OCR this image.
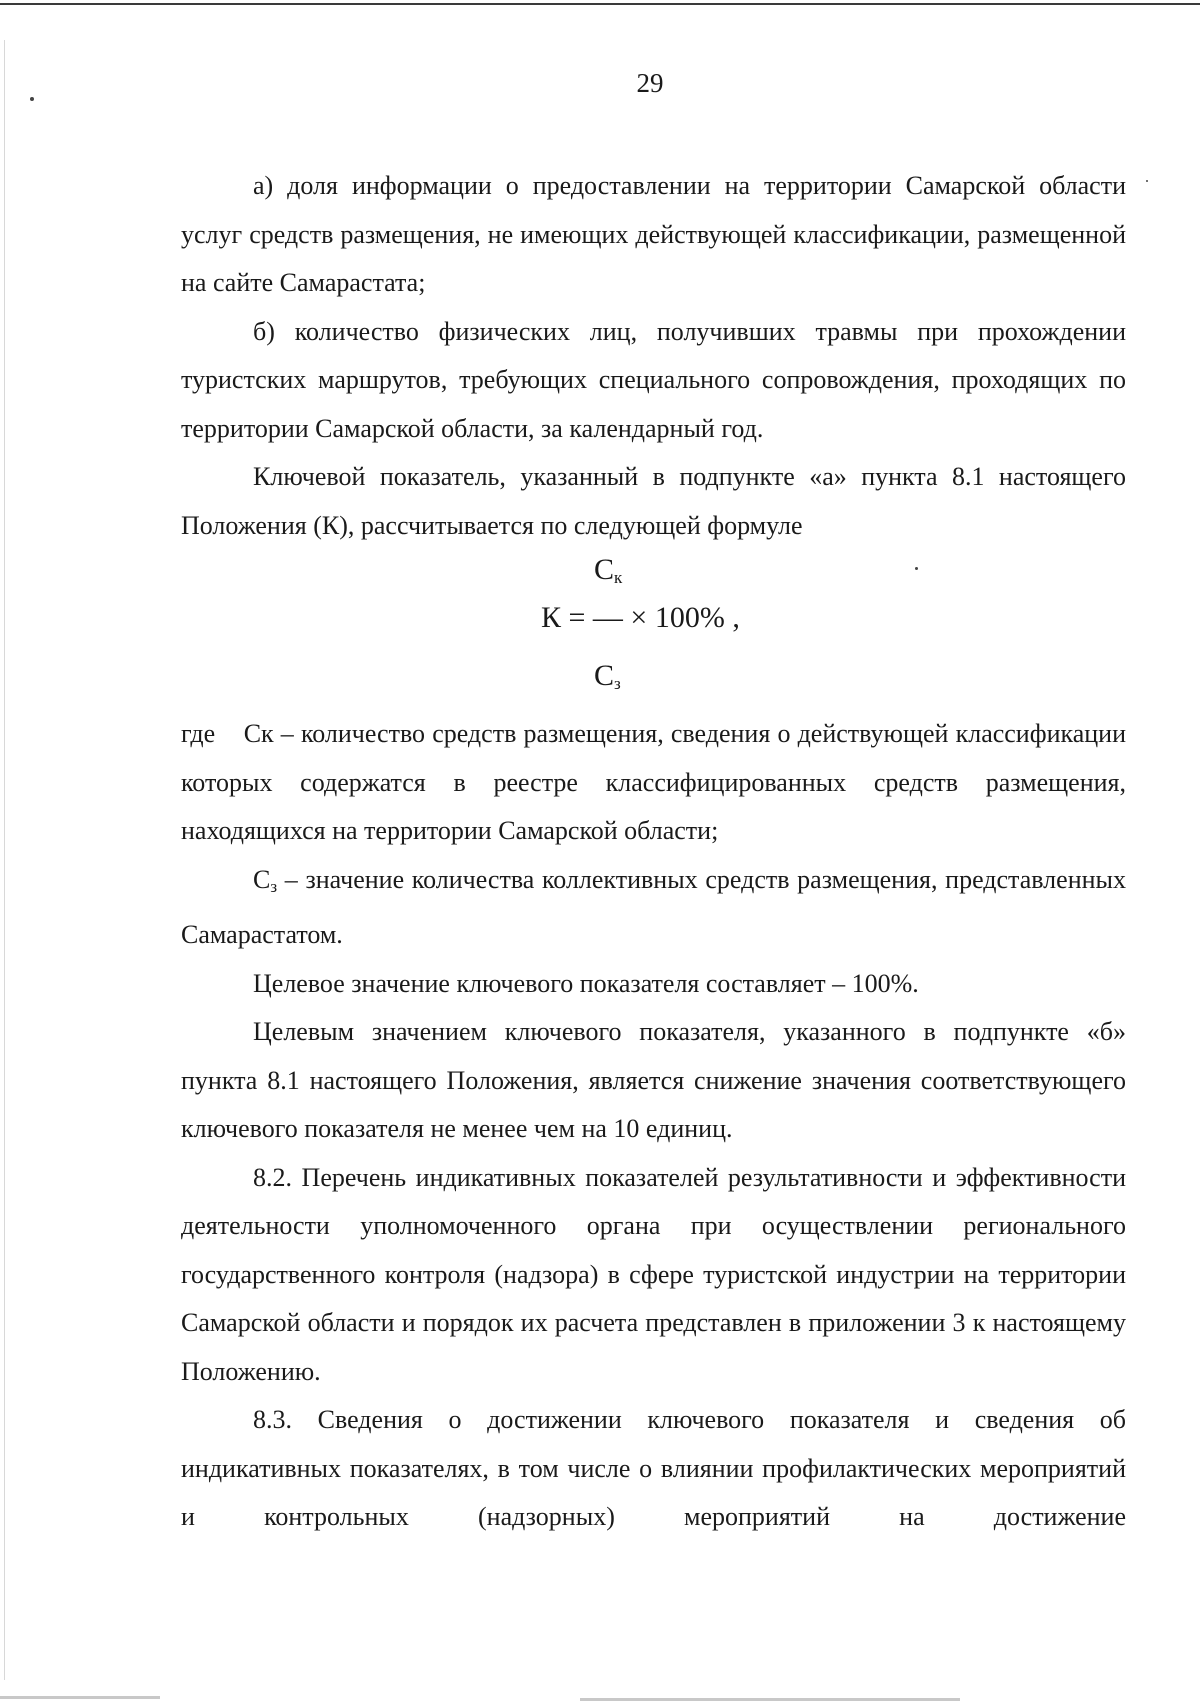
29

а) доля информации о предоставлении на территории Самарской области услуг средств размещения, не имеющих действующей классификации, размещенной на сайте Самарастата;

б) количество физических лиц, получивших травмы при прохождении туристских маршрутов, требующих специального сопровождения, проходящих по территории Самарской области, за календарный год.

Ключевой показатель, указанный в подпункте «а» пункта 8.1 настоящего Положения (К), рассчитывается по следующей формуле

$С_к$
К = — × 100% ,
$С_з$

где Ск – количество средств размещения, сведения о действующей классификации которых содержатся в реестре классифицированных средств размещения, находящихся на территории Самарской области;

$С_з$ – значение количества коллективных средств размещения, представленных Самарастатом.

Целевое значение ключевого показателя составляет – 100%.

Целевым значением ключевого показателя, указанного в подпункте «б» пункта 8.1 настоящего Положения, является снижение значения соответствующего ключевого показателя не менее чем на 10 единиц.

8.2. Перечень индикативных показателей результативности и эффективности деятельности уполномоченного органа при осуществлении регионального государственного контроля (надзора) в сфере туристской индустрии на территории Самарской области и порядок их расчета представлен в приложении 3 к настоящему Положению.

8.3. Сведения о достижении ключевого показателя и сведения об индикативных показателях, в том числе о влиянии профилактических мероприятий и контрольных (надзорных) мероприятий на достижение
